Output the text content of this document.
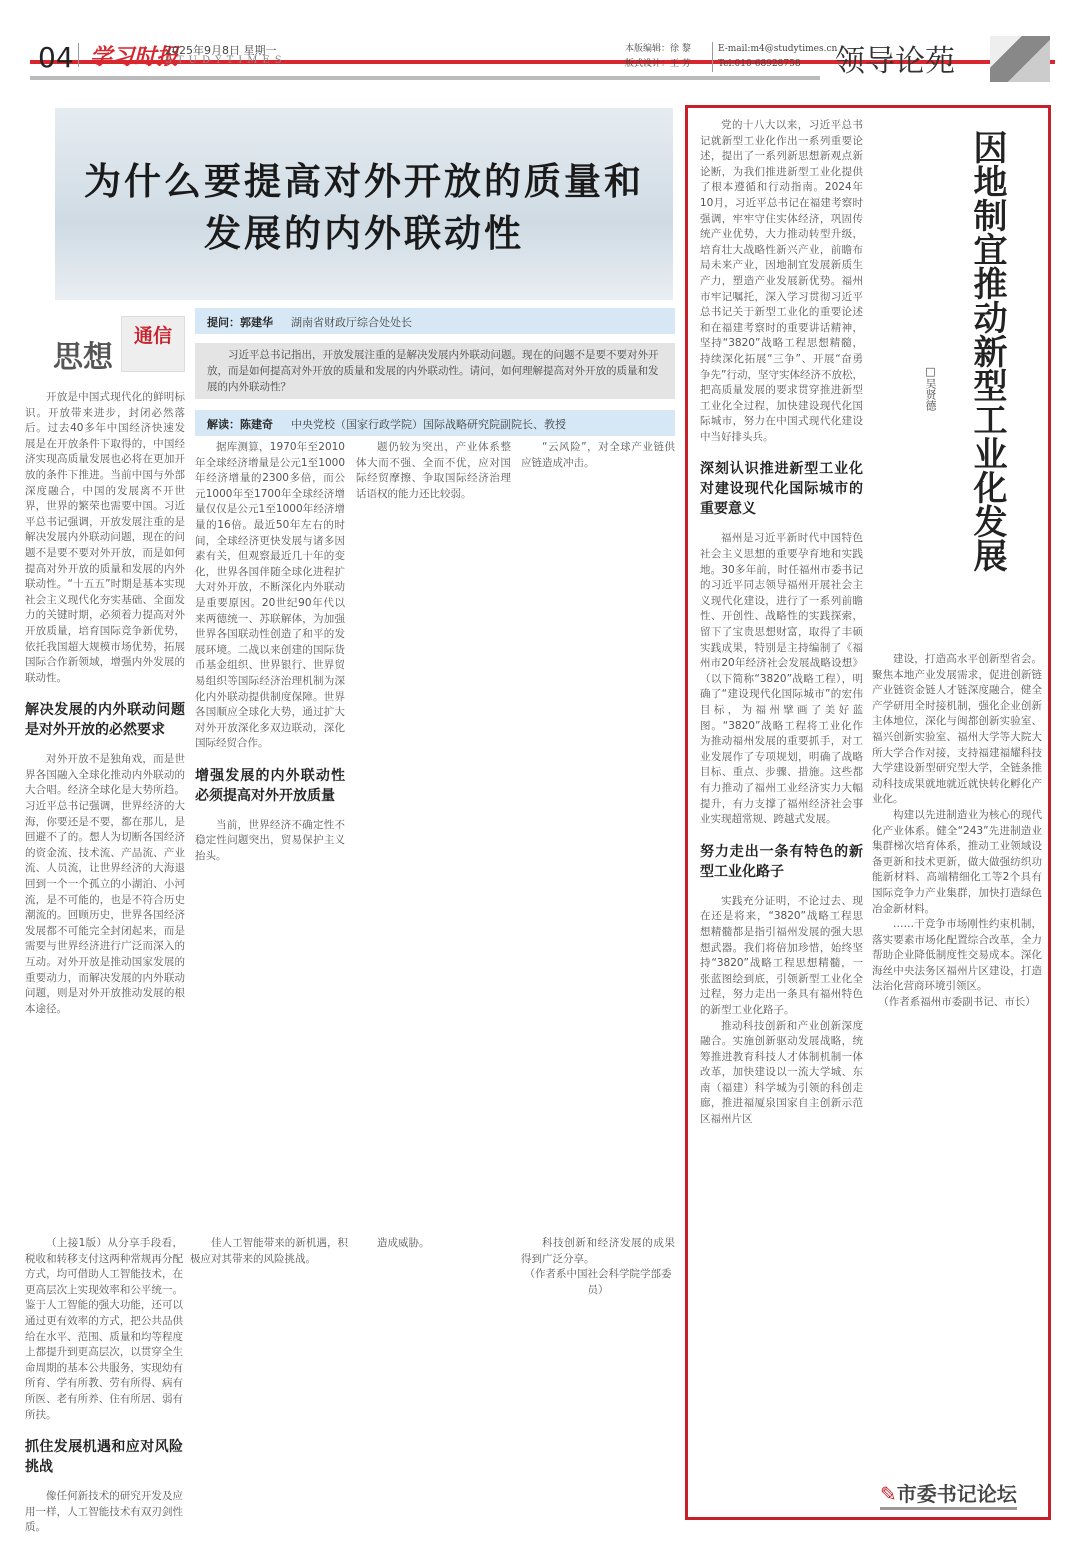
04 学习时报
2025年9月8日 星期一
STUDYTIMES
本版编辑：徐 黎
版式设计：王 芳
E-mail:m4@studytimes.cn
Tel:010-68928758	领导论苑
为什么要提高对外开放的质量和
发展的内外联动性
思想
通信
提问：郭建华 湖南省财政厅综合处处长
习近平总书记指出，开放发展注重的是解决发展内外联动问题。现在的问题不是要不要对外开放，而是如何提高对外开放的质量和发展的内外联动性。请问，如何理解提高对外开放的质量和发展的内外联动性？
解读：陈建奇 中央党校（国家行政学院）国际战略研究院副院长、教授

开放是中国式现代化的鲜明标识。开放带来进步，封闭必然落后。过去40多年中国经济快速发展是在开放条件下取得的，中国经济实现高质量发展也必将在更加开放的条件下推进。当前中国与外部深度融合，中国的发展离不开世界，世界的繁荣也需要中国。习近平总书记强调，开放发展注重的是解决发展内外联动问题，现在的问题不是要不要对外开放，而是如何提高对外开放的质量和发展的内外联动性。“十五五”时期是基本实现社会主义现代化夯实基础、全面发力的关键时期，必须着力提高对外开放质量，培育国际竞争新优势，依托我国超大规模市场优势，拓展国际合作新领域，增强内外发展的联动性。

解决发展的内外联动问题是对外开放的必然要求

对外开放不是独角戏，而是世界各国融入全球化推动内外联动的大合唱。经济全球化是大势所趋。习近平总书记强调，世界经济的大海，你要还是不要，都在那儿，是回避不了的。想人为切断各国经济的资金流、技术流、产品流、产业流、人员流，让世界经济的大海退回到一个一个孤立的小湖泊、小河流，是不可能的，也是不符合历史潮流的。回顾历史，世界各国经济发展都不可能完全封闭起来，而是需要与世界经济进行广泛而深入的互动。对外开放是推动国家发展的重要动力，而解决发展的内外联动问题，则是对外开放推动发展的根本途径。

据库测算，1970年至2010年全球经济增量是公元1至1000年经济增量的2300多倍，而公元1000年至1700年全球经济增量仅仅是公元1至1000年经济增量的16倍。最近50年左右的时间，全球经济更快发展与诸多因素有关，但观察最近几十年的变化，世界各国伴随全球化进程扩大对外开放，不断深化内外联动是重要原因。20世纪90年代以来两德统一、苏联解体，为加强世界各国联动性创造了和平的发展环境。二战以来创建的国际货币基金组织、世界银行、世界贸易组织等国际经济治理机制为深化内外联动提供制度保障。世界各国顺应全球化大势，通过扩大对外开放深化多双边联动，深化国际经贸合作。

增强发展的内外联动性必须提高对外开放质量

当前，世界经济不确定性不稳定性问题突出，贸易保护主义抬头。

题仍较为突出，产业体系整体大而不强、全而不优，应对国际经贸摩擦、争取国际经济治理话语权的能力还比较弱。

“云风险”，对全球产业链供应链造成冲击。

（上接1版）从分享手段看，税收和转移支付这两种常规再分配方式，均可借助人工智能技术，在更高层次上实现效率和公平统一。鉴于人工智能的强大功能，还可以通过更有效率的方式，把公共品供给在水平、范围、质量和均等程度上都提升到更高层次，以贯穿全生命周期的基本公共服务，实现幼有所育、学有所教、劳有所得、病有所医、老有所养、住有所居、弱有所扶。

抓住发展机遇和应对风险挑战

像任何新技术的研究开发及应用一样，人工智能技术有双刃剑性质。

佳人工智能带来的新机遇，积极应对其带来的风险挑战。

造成威胁。	科技创新和经济发展的成果得到广泛分享。

（作者系中国社会科学院学部委员）

因地制宜推动新型工业化发展
□吴贤德

党的十八大以来，习近平总书记就新型工业化作出一系列重要论述，提出了一系列新思想新观点新论断，为我们推进新型工业化提供了根本遵循和行动指南。2024年10月，习近平总书记在福建考察时强调，牢牢守住实体经济，巩固传统产业优势，大力推动转型升级，培育壮大战略性新兴产业，前瞻布局未来产业，因地制宜发展新质生产力，塑造产业发展新优势。福州市牢记嘱托，深入学习贯彻习近平总书记关于新型工业化的重要论述和在福建考察时的重要讲话精神，坚持“3820”战略工程思想精髓，持续深化拓展“三争”、开展“奋勇争先”行动，坚守实体经济不放松，把高质量发展的要求贯穿推进新型工业化全过程，加快建设现代化国际城市，努力在中国式现代化建设中当好排头兵。

深刻认识推进新型工业化对建设现代化国际城市的重要意义

福州是习近平新时代中国特色社会主义思想的重要孕育地和实践地。30多年前，时任福州市委书记的习近平同志领导福州开展社会主义现代化建设，进行了一系列前瞻性、开创性、战略性的实践探索，留下了宝贵思想财富，取得了丰硕实践成果，特别是主持编制了《福州市20年经济社会发展战略设想》（以下简称“3820”战略工程），明确了“建设现代化国际城市”的宏伟目标，为福州擘画了美好蓝图。“3820”战略工程将工业化作为推动福州发展的重要抓手，对工业发展作了专项规划，明确了战略目标、重点、步骤、措施。这些都有力推动了福州工业经济实力大幅提升，有力支撑了福州经济社会事业实现超常规、跨越式发展。

努力走出一条有特色的新型工业化路子

实践充分证明，不论过去、现在还是将来，“3820”战略工程思想精髓都是指引福州发展的强大思想武器。我们将倍加珍惜，始终坚持“3820”战略工程思想精髓，一张蓝图绘到底，引领新型工业化全过程，努力走出一条具有福州特色的新型工业化路子。

推动科技创新和产业创新深度融合。实施创新驱动发展战略，统筹推进教育科技人才体制机制一体改革，加快建设以一流大学城、东南（福建）科学城为引领的科创走廊，推进福厦泉国家自主创新示范区福州片区

建设，打造高水平创新型省会。聚焦本地产业发展需求，促进创新链产业链资金链人才链深度融合，健全产学研用全时接机制，强化企业创新主体地位，深化与闽都创新实验室、福兴创新实验室、福州大学等大院大所大学合作对接，支持福建福耀科技大学建设新型研究型大学，全链条推动科技成果就地就近就快转化孵化产业化。

构建以先进制造业为核心的现代化产业体系。健全“243”先进制造业集群梯次培育体系，推动工业领域设备更新和技术更新，做大做强纺织功能新材料、高端精细化工等2个具有国际竞争力产业集群，加快打造绿色冶金新材料。

……干竞争市场刚性约束机制，落实要素市场化配置综合改革，全力帮助企业降低制度性交易成本。深化海丝中央法务区福州片区建设，打造法治化营商环境引领区。

（作者系福州市委副书记、市长）

✎市委书记论坛
